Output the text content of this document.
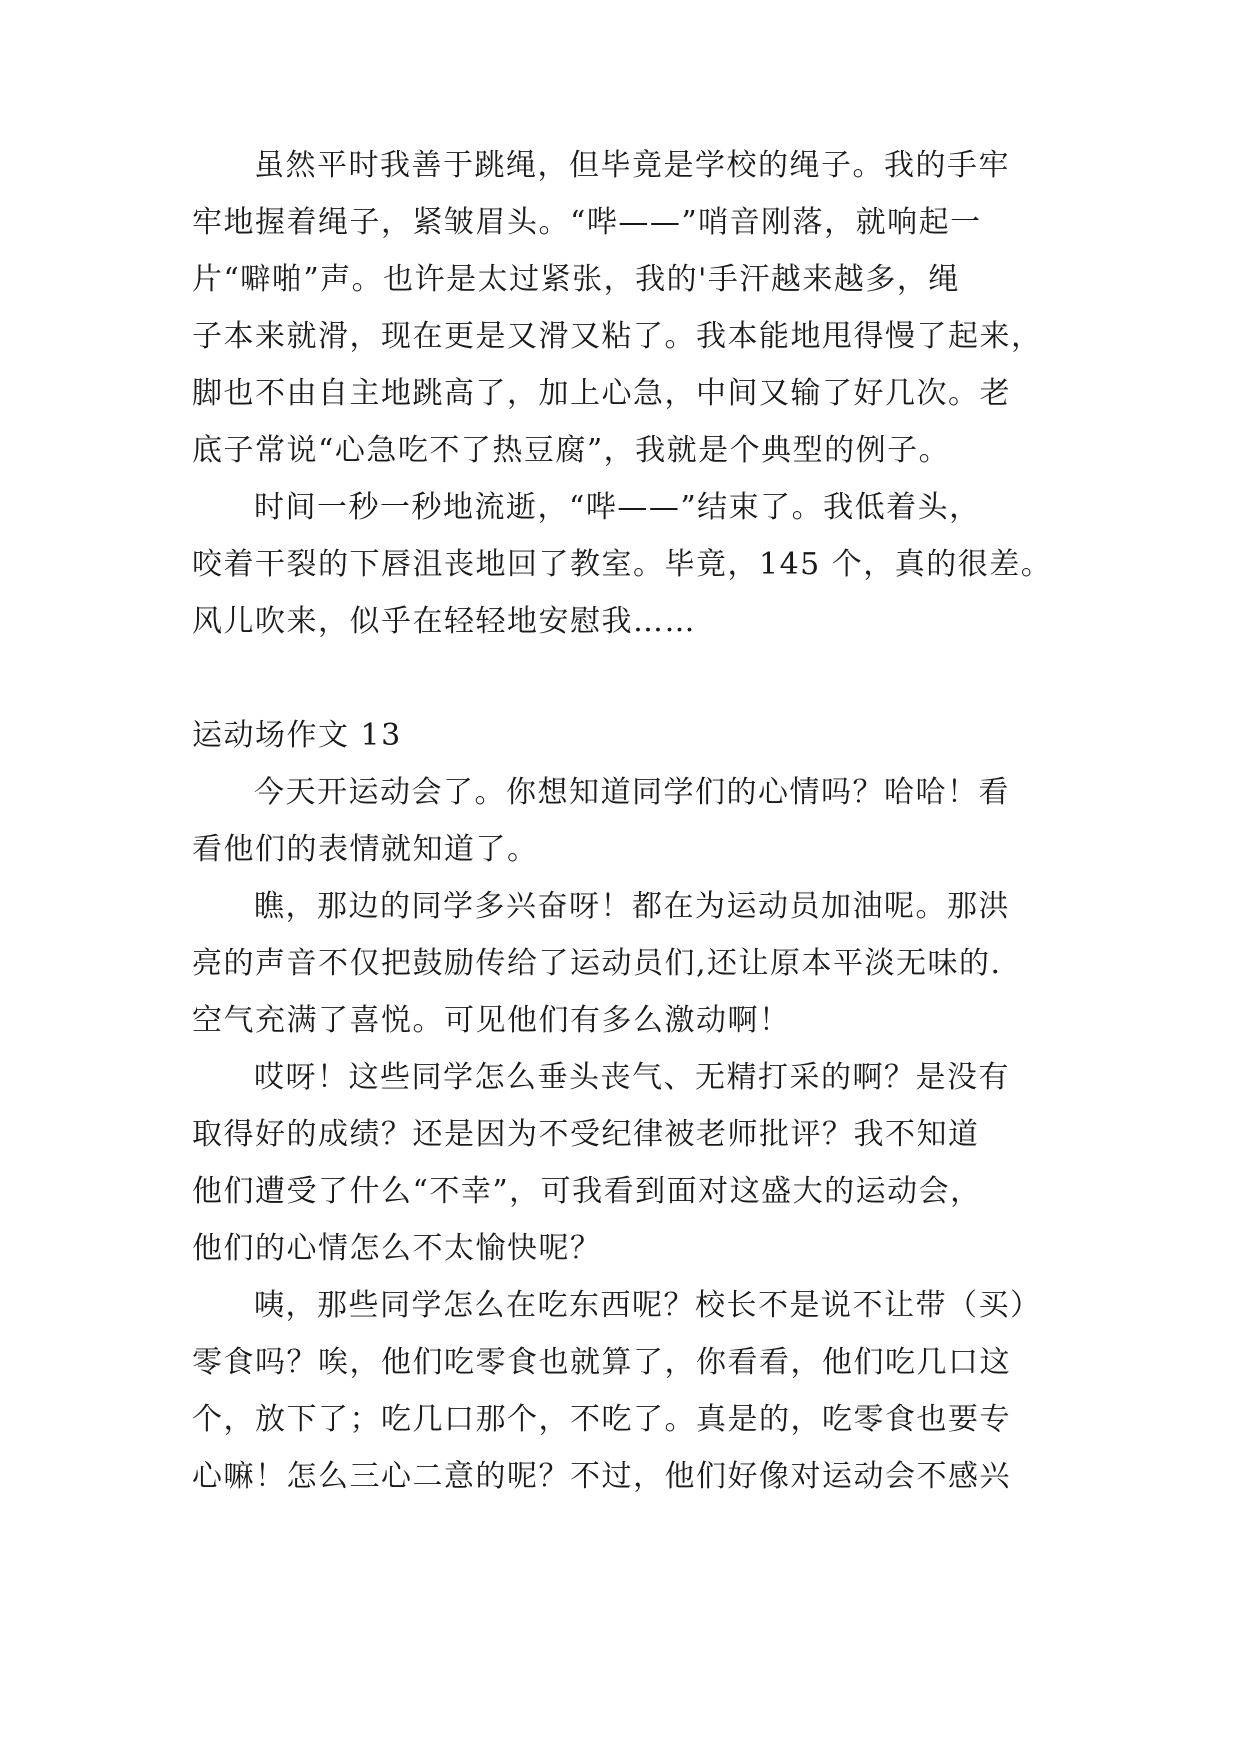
虽然平时我善于跳绳，但毕竟是学校的绳子。我的手牢
牢地握着绳子，紧皱眉头。“哔——”哨音刚落，就响起一
片“噼啪”声。也许是太过紧张，我的'手汗越来越多，绳
子本来就滑，现在更是又滑又粘了。我本能地甩得慢了起来，
脚也不由自主地跳高了，加上心急，中间又输了好几次。老
底子常说“心急吃不了热豆腐”，我就是个典型的例子。
时间一秒一秒地流逝，“哔——”结束了。我低着头，
咬着干裂的下唇沮丧地回了教室。毕竟，145 个，真的很差。
风儿吹来，似乎在轻轻地安慰我……
运动场作文 13
今天开运动会了。你想知道同学们的心情吗？哈哈！看
看他们的表情就知道了。
瞧，那边的同学多兴奋呀！都在为运动员加油呢。那洪
亮的声音不仅把鼓励传给了运动员们,还让原本平淡无味的.
空气充满了喜悦。可见他们有多么激动啊！
哎呀！这些同学怎么垂头丧气、无精打采的啊？是没有
取得好的成绩？还是因为不受纪律被老师批评？我不知道
他们遭受了什么“不幸”，可我看到面对这盛大的运动会，
他们的心情怎么不太愉快呢？
咦，那些同学怎么在吃东西呢？校长不是说不让带（买）
零食吗？唉，他们吃零食也就算了，你看看，他们吃几口这
个，放下了；吃几口那个，不吃了。真是的，吃零食也要专
心嘛！怎么三心二意的呢？不过，他们好像对运动会不感兴
